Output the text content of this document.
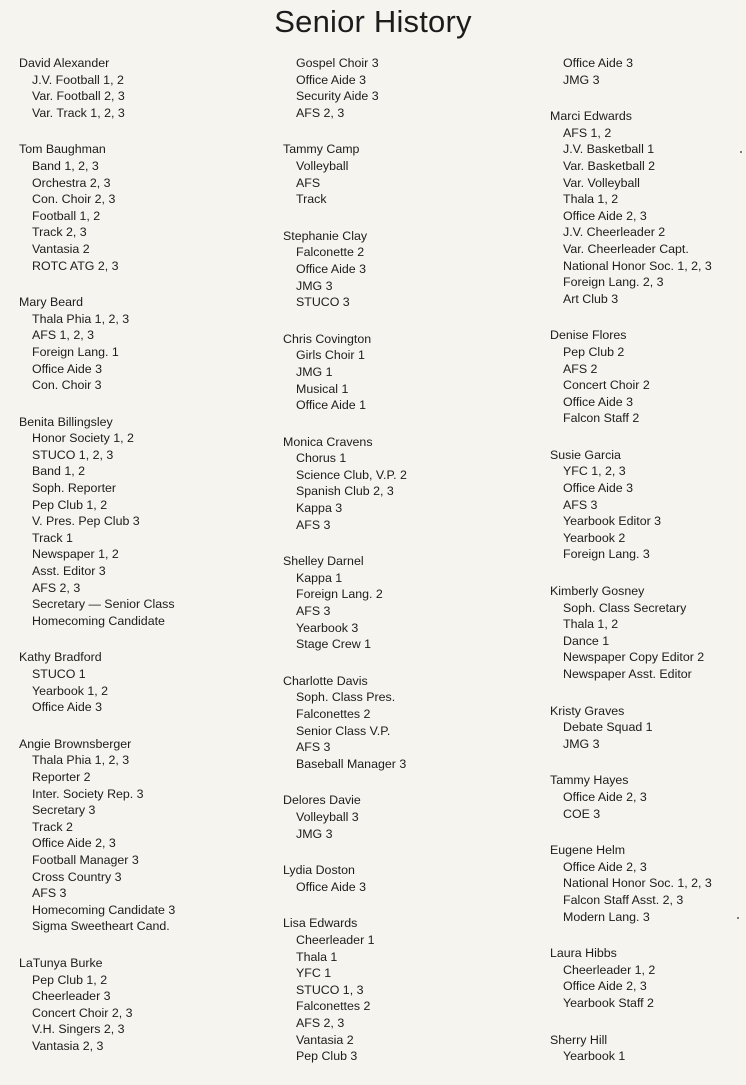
Senior History
David Alexander
J.V. Football 1, 2
Var. Football 2, 3
Var. Track 1, 2, 3
Tom Baughman
Band 1, 2, 3
Orchestra 2, 3
Con. Choir 2, 3
Football 1, 2
Track 2, 3
Vantasia 2
ROTC ATG 2, 3
Mary Beard
Thala Phia 1, 2, 3
AFS 1, 2, 3
Foreign Lang. 1
Office Aide 3
Con. Choir 3
Benita Billingsley
Honor Society 1, 2
STUCO 1, 2, 3
Band 1, 2
Soph. Reporter
Pep Club 1, 2
V. Pres. Pep Club 3
Track 1
Newspaper 1, 2
Asst. Editor 3
AFS 2, 3
Secretary — Senior Class
Homecoming Candidate
Kathy Bradford
STUCO 1
Yearbook 1, 2
Office Aide 3
Angie Brownsberger
Thala Phia 1, 2, 3
Reporter 2
Inter. Society Rep. 3
Secretary 3
Track 2
Office Aide 2, 3
Football Manager 3
Cross Country 3
AFS 3
Homecoming Candidate 3
Sigma Sweetheart Cand.
LaTunya Burke
Pep Club 1, 2
Cheerleader 3
Concert Choir 2, 3
V.H. Singers 2, 3
Vantasia 2, 3
Gospel Choir 3
Office Aide 3
Security Aide 3
AFS 2, 3
Tammy Camp
Volleyball
AFS
Track
Stephanie Clay
Falconette 2
Office Aide 3
JMG 3
STUCO 3
Chris Covington
Girls Choir 1
JMG 1
Musical 1
Office Aide 1
Monica Cravens
Chorus 1
Science Club, V.P. 2
Spanish Club 2, 3
Kappa 3
AFS 3
Shelley Darnel
Kappa 1
Foreign Lang. 2
AFS 3
Yearbook 3
Stage Crew 1
Charlotte Davis
Soph. Class Pres.
Falconettes 2
Senior Class V.P.
AFS 3
Baseball Manager 3
Delores Davie
Volleyball 3
JMG 3
Lydia Doston
Office Aide 3
Lisa Edwards
Cheerleader 1
Thala 1
YFC 1
STUCO 1, 3
Falconettes 2
AFS 2, 3
Vantasia 2
Pep Club 3
Office Aide 3
JMG 3
Marci Edwards
AFS 1, 2
J.V. Basketball 1
Var. Basketball 2
Var. Volleyball
Thala 1, 2
Office Aide 2, 3
J.V. Cheerleader 2
Var. Cheerleader Capt.
National Honor Soc. 1, 2, 3
Foreign Lang. 2, 3
Art Club 3
Denise Flores
Pep Club 2
AFS 2
Concert Choir 2
Office Aide 3
Falcon Staff 2
Susie Garcia
YFC 1, 2, 3
Office Aide 3
AFS 3
Yearbook Editor 3
Yearbook 2
Foreign Lang. 3
Kimberly Gosney
Soph. Class Secretary
Thala 1, 2
Dance 1
Newspaper Copy Editor 2
Newspaper Asst. Editor
Kristy Graves
Debate Squad 1
JMG 3
Tammy Hayes
Office Aide 2, 3
COE 3
Eugene Helm
Office Aide 2, 3
National Honor Soc. 1, 2, 3
Falcon Staff Asst. 2, 3
Modern Lang. 3
Laura Hibbs
Cheerleader 1, 2
Office Aide 2, 3
Yearbook Staff 2
Sherry Hill
Yearbook 1
